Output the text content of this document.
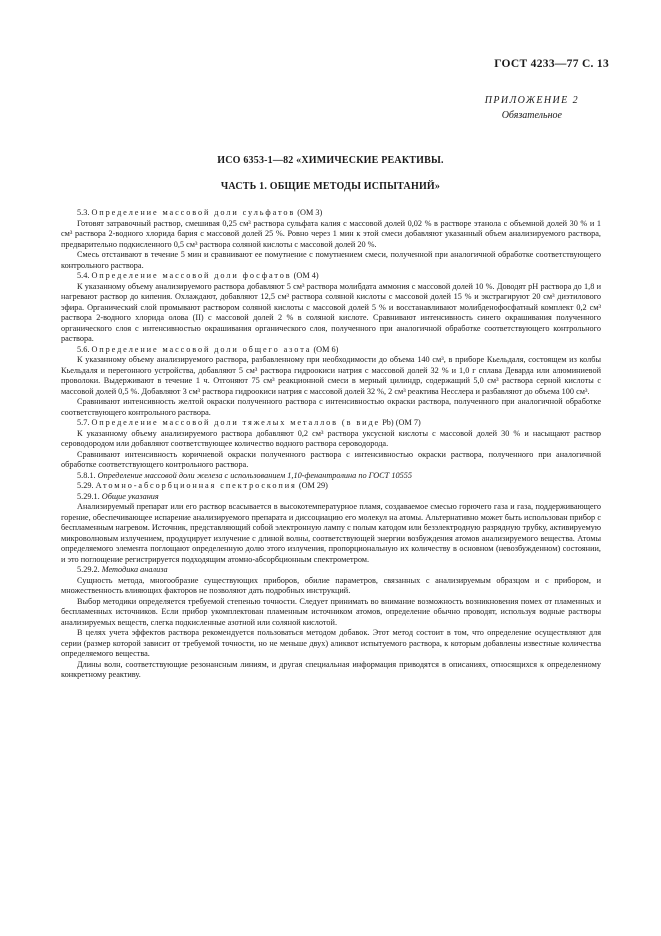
ГОСТ 4233—77 С. 13
ПРИЛОЖЕНИЕ 2
Обязательное
ИСО 6353-1—82 «ХИМИЧЕСКИЕ РЕАКТИВЫ.
ЧАСТЬ 1. ОБЩИЕ МЕТОДЫ ИСПЫТАНИЙ»

5.3. Определение массовой доли сульфатов (ОМ 3)

Готовят затравочный раствор, смешивая 0,25 см³ раствора сульфата калия с массовой долей 0,02 % в растворе этанола с объемной долей 30 % и 1 см³ раствора 2-водного хлорида бария с массовой долей 25 %. Ровно через 1 мин к этой смеси добавляют указанный объем анализируемого раствора, предварительно подкисленного 0,5 см³ раствора соляной кислоты с массовой долей 20 %.

Смесь отстаивают в течение 5 мин и сравнивают ее помутнение с помутнением смеси, полученной при аналогичной обработке соответствующего контрольного раствора.

5.4. Определение массовой доли фосфатов (ОМ 4)

К указанному объему анализируемого раствора добавляют 5 см³ раствора молибдата аммония с массовой долей 10 %. Доводят pH раствора до 1,8 и нагревают раствор до кипения. Охлаждают, добавляют 12,5 см³ раствора соляной кислоты с массовой долей 15 % и экстрагируют 20 см³ диэтилового эфира. Органический слой промывают раствором соляной кислоты с массовой долей 5 % и восстанавливают молибденофосфатный комплект 0,2 см³ раствора 2-водного хлорида олова (II) с массовой долей 2 % в соляной кислоте. Сравнивают интенсивность синего окрашивания полученного органического слоя с интенсивностью окрашивания органического слоя, полученного при аналогичной обработке соответствующего контрольного раствора.

5.6. Определение массовой доли общего азота (ОМ 6)

К указанному объему анализируемого раствора, разбавленному при необходимости до объема 140 см³, в приборе Кьельдаля, состоящем из колбы Кьельдаля и перегонного устройства, добавляют 5 см³ раствора гидроокиси натрия с массовой долей 32 % и 1,0 г сплава Деварда или алюминиевой проволоки. Выдерживают в течение 1 ч. Отгоняют 75 см³ реакционной смеси в мерный цилиндр, содержащий 5,0 см³ раствора серной кислоты с массовой долей 0,5 %. Добавляют 3 см³ раствора гидроокиси натрия с массовой долей 32 %, 2 см³ реактива Несслера и разбавляют до объема 100 см³.

Сравнивают интенсивность желтой окраски полученного раствора с интенсивностью окраски раствора, полученного при аналогичной обработке соответствующего контрольного раствора.

5.7. Определение массовой доли тяжелых металлов (в виде Pb) (ОМ 7)

К указанному объему анализируемого раствора добавляют 0,2 см³ раствора уксусной кислоты с массовой долей 30 % и насыщают раствор сероводородом или добавляют соответствующее количество водного раствора сероводорода.

Сравнивают интенсивность коричневой окраски полученного раствора с интенсивностью окраски раствора, полученного при аналогичной обработке соответствующего контрольного раствора.

5.8.1. Определение массовой доли железа с использованием 1,10-фенантролина по ГОСТ 10555

5.29. Атомно-абсорбционная спектроскопия (ОМ 29)

5.29.1. Общие указания

Анализируемый препарат или его раствор всасывается в высокотемпературное пламя, создаваемое смесью горючего газа и газа, поддерживающего горение, обеспечивающее испарение анализируемого препарата и диссоциацию его молекул на атомы. Альтернативно может быть использован прибор с беспламенным нагревом. Источник, представляющий собой электронную лампу с полым катодом или безэлектродную разрядную трубку, активируемую микроволновым излучением, продуцирует излучение с длиной волны, соответствующей энергии возбуждения атомов анализируемого вещества. Атомы определяемого элемента поглощают определенную долю этого излучения, пропорциональную их количеству в основном (невозбужденном) состоянии, и это поглощение регистрируется подходящим атомно-абсорбционным спектрометром.

5.29.2. Методика анализа

Сущность метода, многообразие существующих приборов, обилие параметров, связанных с анализируемым образцом и с прибором, и множественность влияющих факторов не позволяют дать подробных инструкций.

Выбор методики определяется требуемой степенью точности. Следует принимать во внимание возможность возникновения помех от пламенных и беспламенных источников. Если прибор укомплектован пламенным источником атомов, определение обычно проводят, используя водные растворы анализируемых веществ, слегка подкисленные азотной или соляной кислотой.

В целях учета эффектов раствора рекомендуется пользоваться методом добавок. Этот метод состоит в том, что определение осуществляют для серии (размер которой зависит от требуемой точности, но не меньше двух) аликвот испытуемого раствора, к которым добавлены известные количества определяемого вещества.

Длины волн, соответствующие резонансным линиям, и другая специальная информация приводятся в описаниях, относящихся к определенному конкретному реактиву.
